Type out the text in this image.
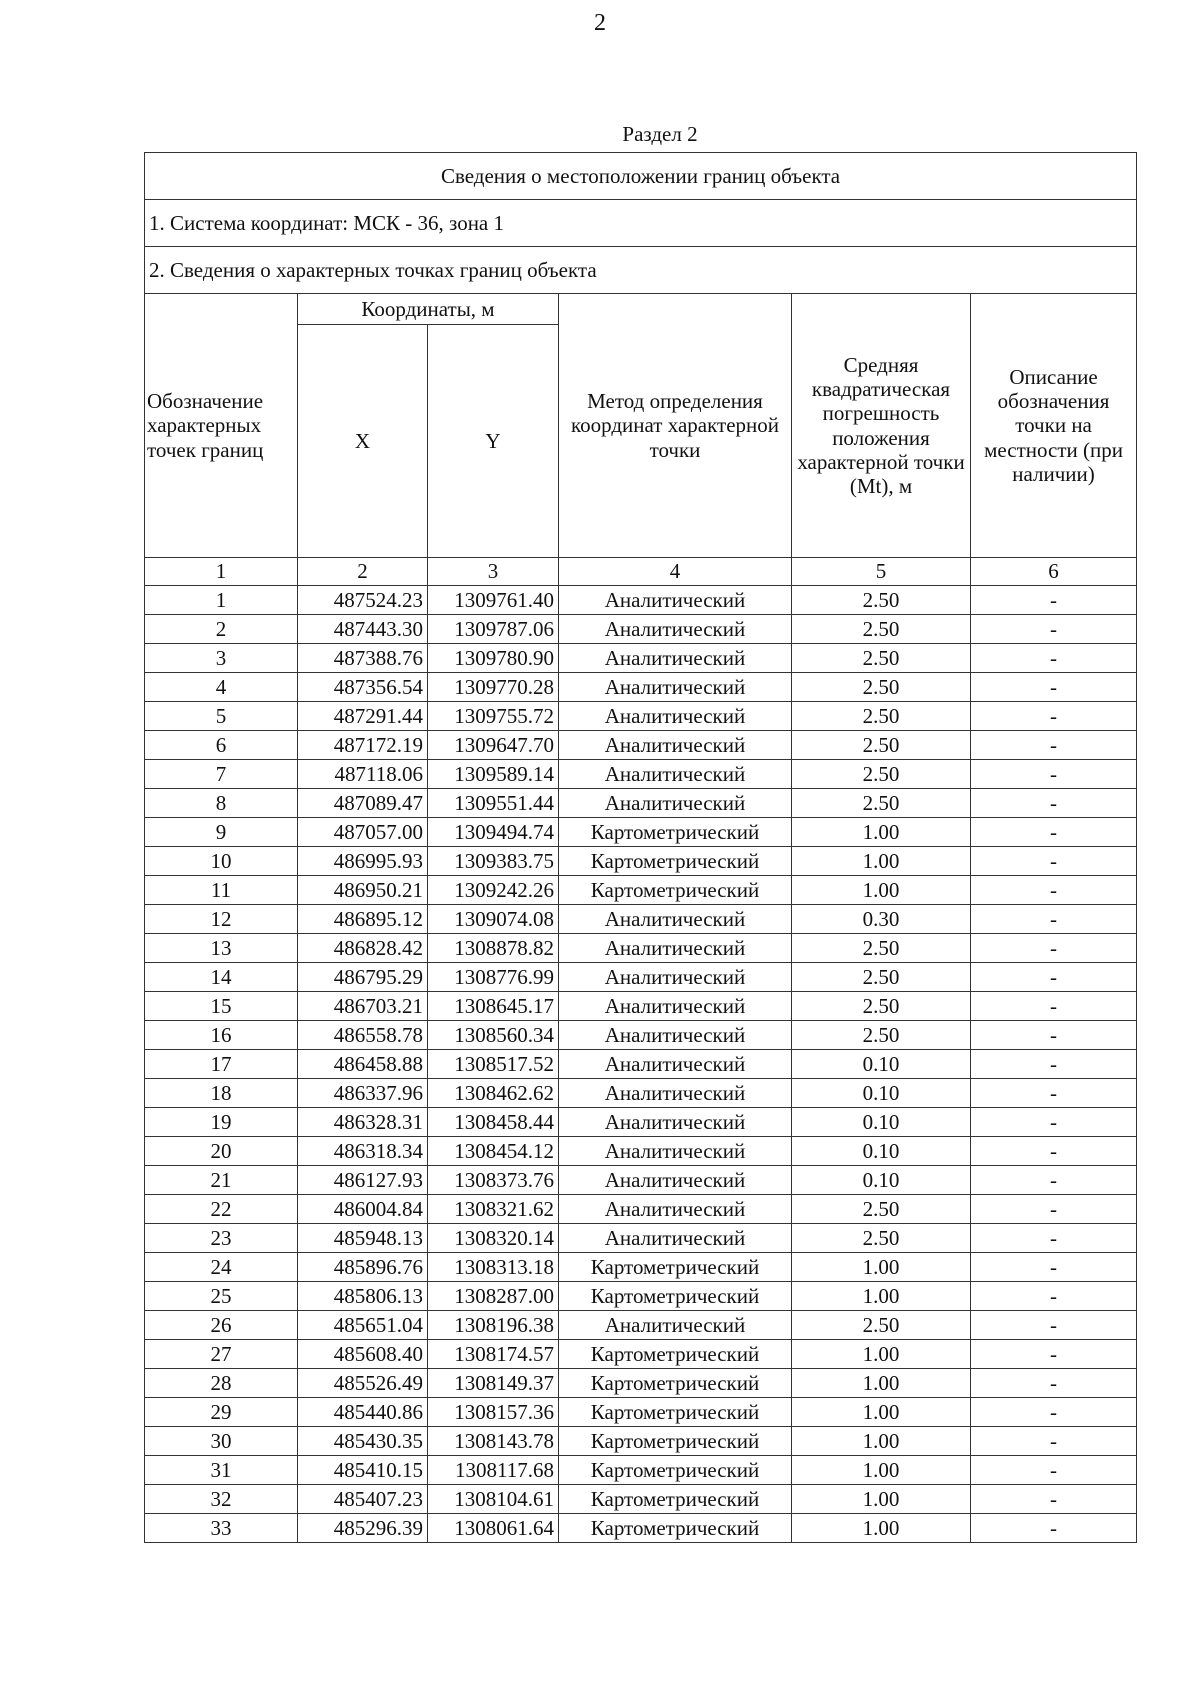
2
Раздел 2
Сведения о местоположении границ объекта					
1. Система координат: МСК - 36, зона 1					
2. Сведения о характерных точках границ объекта					
Обозначение характерных точек границ	Координаты, м		Метод определения координат характерной точки	Средняя квадратическая погрешность положения характерной точки (Mt), м	Описание обозначения точки на местности (при наличии)
	X	Y			
1	2	3	4	5	6
1	487524.23	1309761.40	Аналитический	2.50	-
2	487443.30	1309787.06	Аналитический	2.50	-
3	487388.76	1309780.90	Аналитический	2.50	-
4	487356.54	1309770.28	Аналитический	2.50	-
5	487291.44	1309755.72	Аналитический	2.50	-
6	487172.19	1309647.70	Аналитический	2.50	-
7	487118.06	1309589.14	Аналитический	2.50	-
8	487089.47	1309551.44	Аналитический	2.50	-
9	487057.00	1309494.74	Картометрический	1.00	-
10	486995.93	1309383.75	Картометрический	1.00	-
11	486950.21	1309242.26	Картометрический	1.00	-
12	486895.12	1309074.08	Аналитический	0.30	-
13	486828.42	1308878.82	Аналитический	2.50	-
14	486795.29	1308776.99	Аналитический	2.50	-
15	486703.21	1308645.17	Аналитический	2.50	-
16	486558.78	1308560.34	Аналитический	2.50	-
17	486458.88	1308517.52	Аналитический	0.10	-
18	486337.96	1308462.62	Аналитический	0.10	-
19	486328.31	1308458.44	Аналитический	0.10	-
20	486318.34	1308454.12	Аналитический	0.10	-
21	486127.93	1308373.76	Аналитический	0.10	-
22	486004.84	1308321.62	Аналитический	2.50	-
23	485948.13	1308320.14	Аналитический	2.50	-
24	485896.76	1308313.18	Картометрический	1.00	-
25	485806.13	1308287.00	Картометрический	1.00	-
26	485651.04	1308196.38	Аналитический	2.50	-
27	485608.40	1308174.57	Картометрический	1.00	-
28	485526.49	1308149.37	Картометрический	1.00	-
29	485440.86	1308157.36	Картометрический	1.00	-
30	485430.35	1308143.78	Картометрический	1.00	-
31	485410.15	1308117.68	Картометрический	1.00	-
32	485407.23	1308104.61	Картометрический	1.00	-
33	485296.39	1308061.64	Картометрический	1.00	-
